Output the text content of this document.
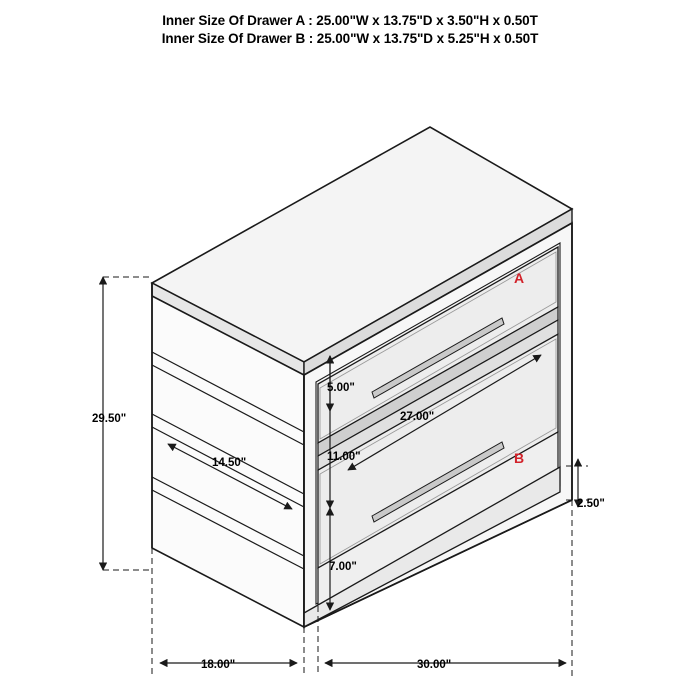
Inner Size Of Drawer A : 25.00"W x 13.75"D x 3.50"H x 0.50T
Inner Size Of Drawer B : 25.00"W x 13.75"D x 5.25"H x 0.50T
29.50"
14.50"
5.00"
27.00"
11.00"
7.00"
2.50"
18.00"	30.00"
A
B
